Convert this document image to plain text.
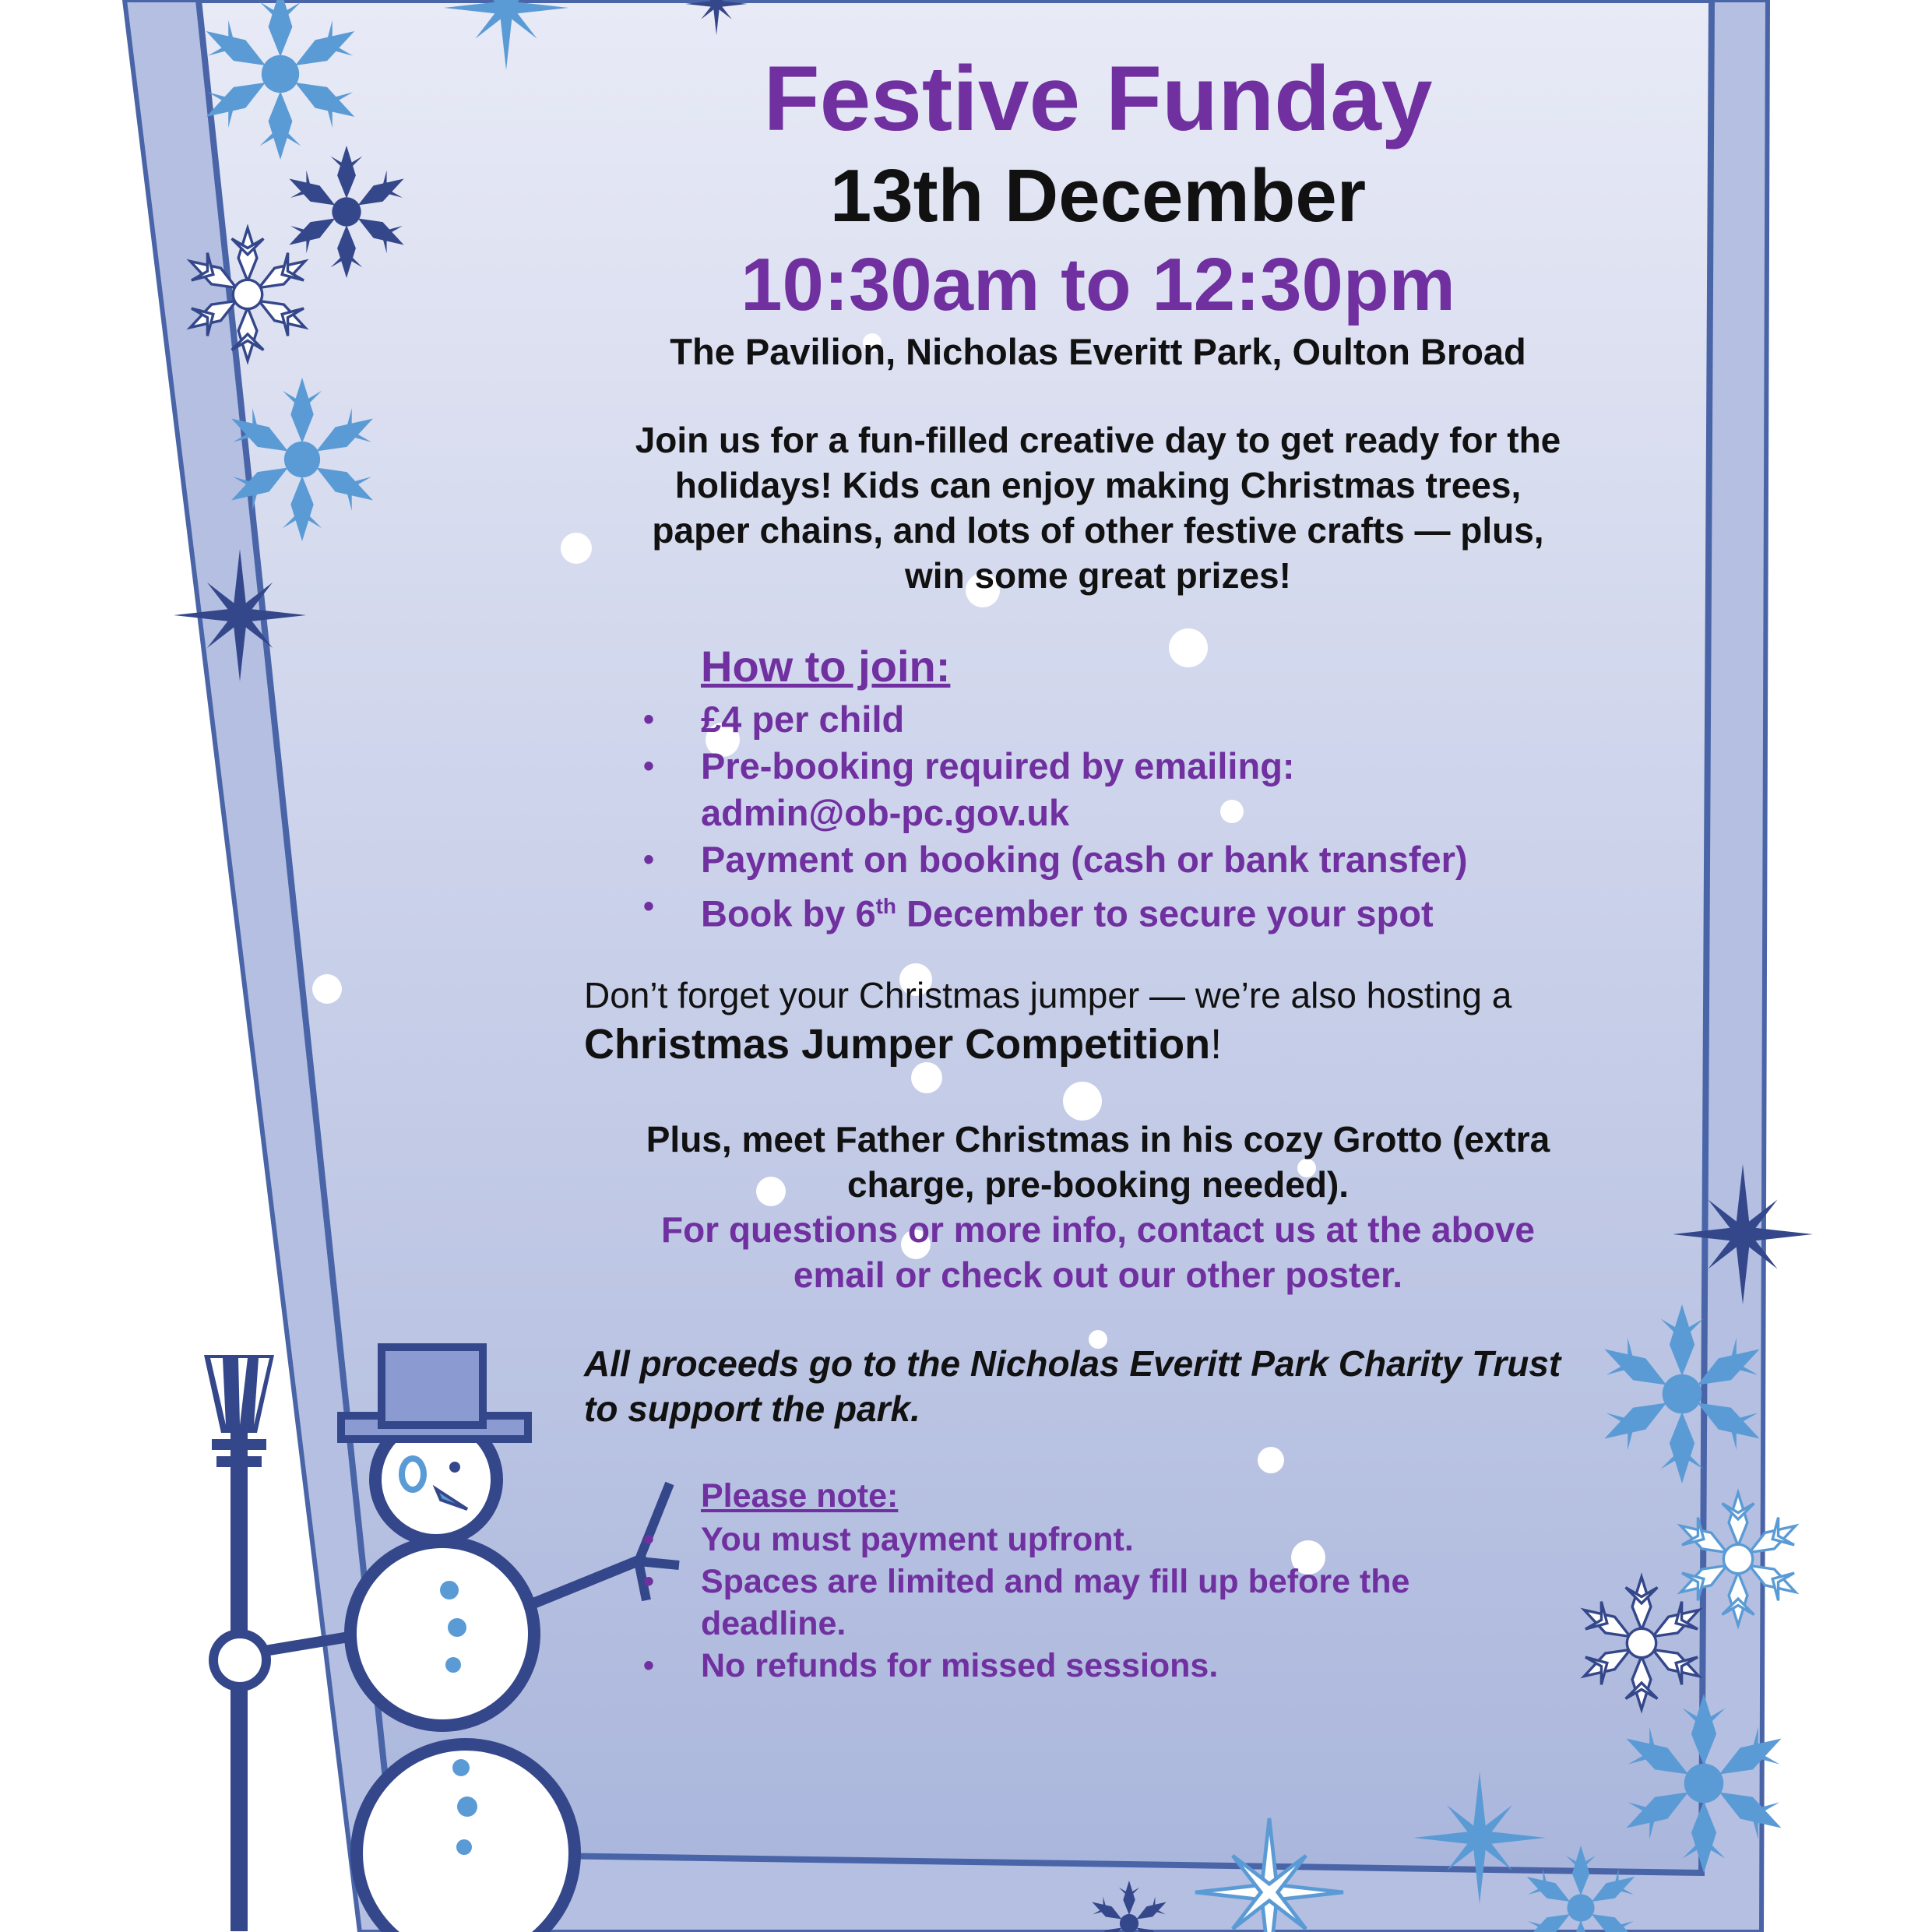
Festive Funday
13th December
10:30am to 12:30pm
The Pavilion, Nicholas Everitt Park, Oulton Broad
Join us for a fun-filled creative day to get ready for the
holidays! Kids can enjoy making Christmas trees,
paper chains, and lots of other festive crafts — plus,
win some great prizes!
How to join:
• £4 per child
• Pre-booking required by emailing: admin@ob-pc.gov.uk
• Payment on booking (cash or bank transfer)
• Book by 6th December to secure your spot
Don’t forget your Christmas jumper — we’re also hosting a
Christmas Jumper Competition!
Plus, meet Father Christmas in his cozy Grotto (extra
charge, pre-booking needed).
For questions or more info, contact us at the above
email or check out our other poster.
All proceeds go to the Nicholas Everitt Park Charity Trust to support the park.
Please note:
• You must payment upfront.
• Spaces are limited and may fill up before the deadline.
• No refunds for missed sessions.
